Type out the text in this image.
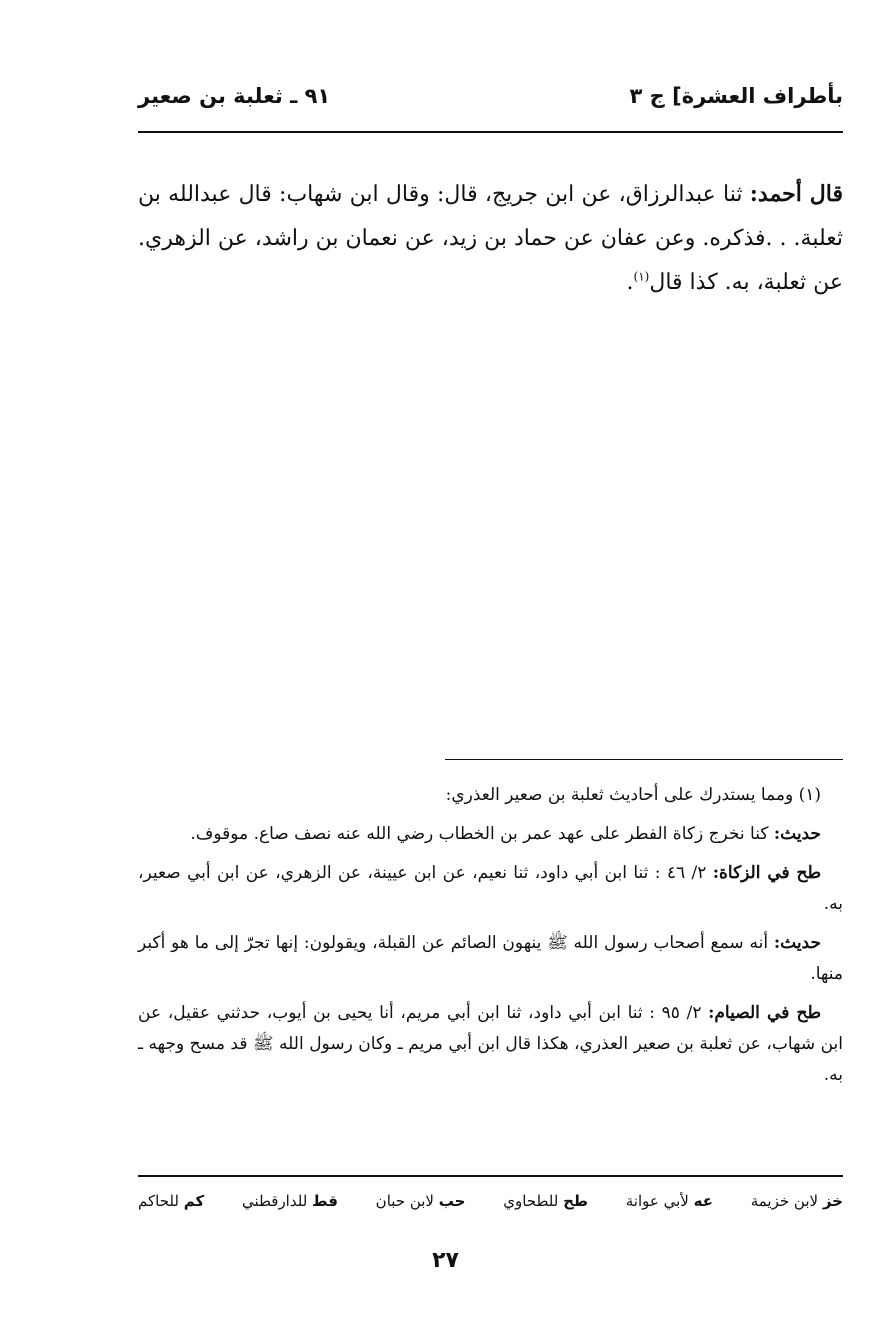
بأطراف العشرة] ج ٣
٩١ ـ ثعلبة بن صعير
قال أحمد: ثنا عبدالرزاق، عن ابن جريج، قال: وقال ابن شهاب: قال عبدالله بن ثعلبة. . .فذكره. وعن عفان عن حماد بن زيد، عن نعمان بن راشد، عن الزهري. عن ثعلبة، به. كذا قال$^{(١)}$.

(١) ومما يستدرك على أحاديث ثعلبة بن صعير العذري:

حديث: كنا نخرج زكاة الفطر على عهد عمر بن الخطاب رضي الله عنه نصف صاع. موقوف.

طح في الزكاة: ٢/ ٤٦ : ثنا ابن أبي داود، ثنا نعيم، عن ابن عيينة، عن الزهري، عن ابن أبي صعير، به.

حديث: أنه سمع أصحاب رسول الله ﷺ ينهون الصائم عن القبلة، ويقولون: إنها تجرّ إلى ما هو أكبر منها.

طح في الصيام: ٢/ ٩٥ : ثنا ابن أبي داود، ثنا ابن أبي مريم، أنا يحيى بن أيوب، حدثني عقيل، عن ابن شهاب، عن ثعلبة بن صعير العذري، هكذا قال ابن أبي مريم ـ وكان رسول الله ﷺ قد مسح وجهه ـ به.

خز لابن خزيمة
عه لأبي عوانة
طح للطحاوي
حب لابن حبان
قط للدارقطني
كم للحاكم
٢٧
